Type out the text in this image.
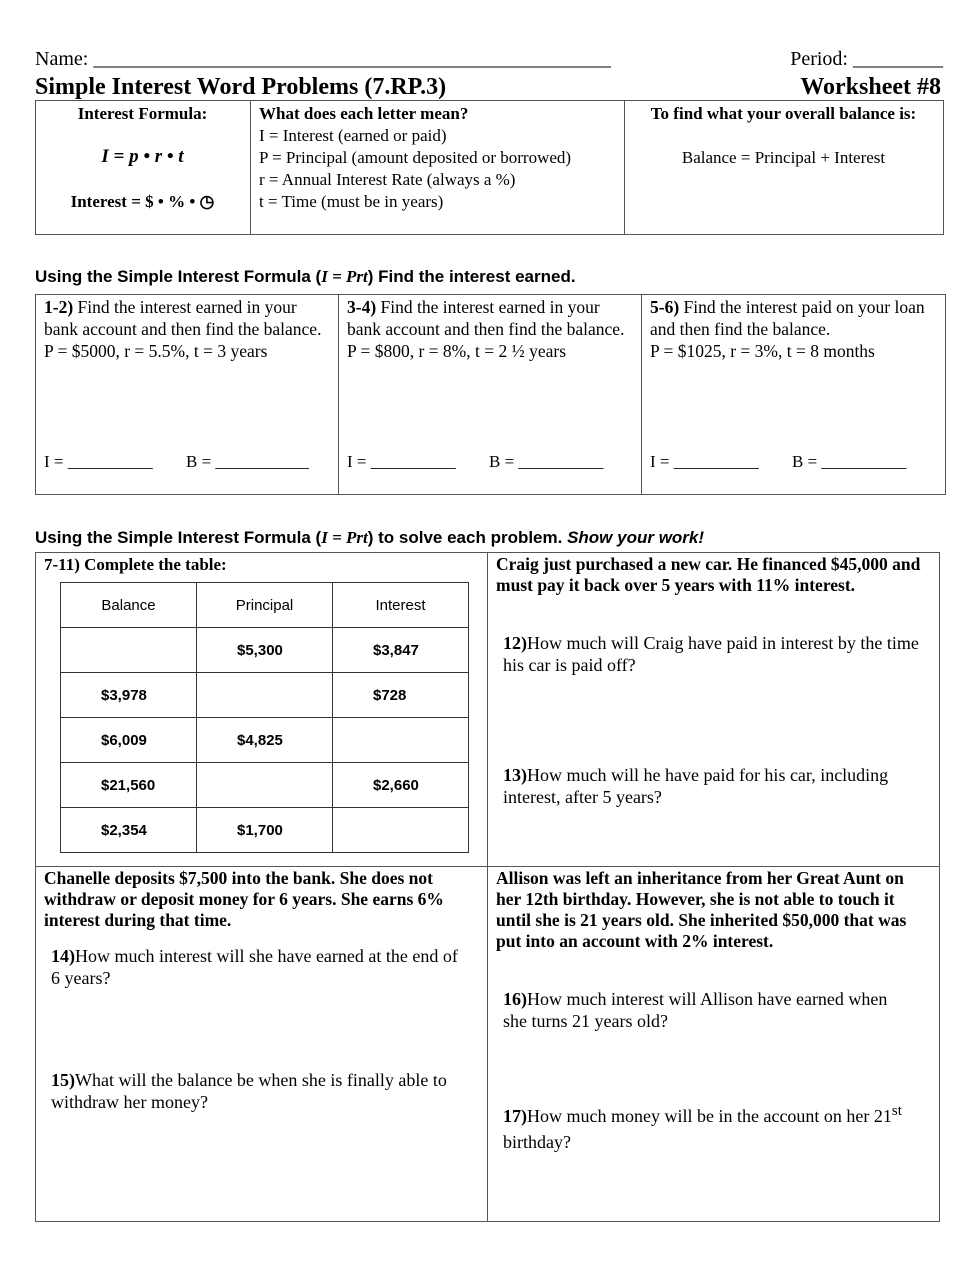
Name: _______________________________________________________	Period: _________
Simple Interest Word Problems (7.RP.3)	Worksheet #8
Interest Formula:
I = p • r • t
Interest = $ • % • ◷
What does each letter mean?
I = Interest (earned or paid)
P = Principal (amount deposited or borrowed)
r = Annual Interest Rate (always a %)
t = Time (must be in years)
To find what your overall balance is:
Balance = Principal + Interest
Using the Simple Interest Formula (I = Prt) Find the interest earned.
1-2) Find the interest earned in your bank account and then find the balance.
P = $5000, r = 5.5%, t = 3 years
I = __________ B = ___________
3-4) Find the interest earned in your bank account and then find the balance.
P = $800, r = 8%, t = 2 ½ years
I = __________ B = __________
5-6) Find the interest paid on your loan and then find the balance.
P = $1025, r = 3%, t = 8 months
I = __________ B = __________
Using the Simple Interest Formula (I = Prt) to solve each problem. Show your work!
7-11) Complete the table:
Balance	Principal	Interest
	$5,300	$3,847
$3,978		$728
$6,009	$4,825	
$21,560		$2,660
$2,354	$1,700	
Craig just purchased a new car. He financed $45,000 and must pay it back over 5 years with 11% interest.
12)How much will Craig have paid in interest by the time his car is paid off?
13)How much will he have paid for his car, including interest, after 5 years?
Chanelle deposits $7,500 into the bank. She does not withdraw or deposit money for 6 years. She earns 6% interest during that time.
14)How much interest will she have earned at the end of 6 years?
15)What will the balance be when she is finally able to withdraw her money?
Allison was left an inheritance from her Great Aunt on her 12th birthday. However, she is not able to touch it until she is 21 years old. She inherited $50,000 that was put into an account with 2% interest.
16)How much interest will Allison have earned when she turns 21 years old?
17)How much money will be in the account on her 21st birthday?
